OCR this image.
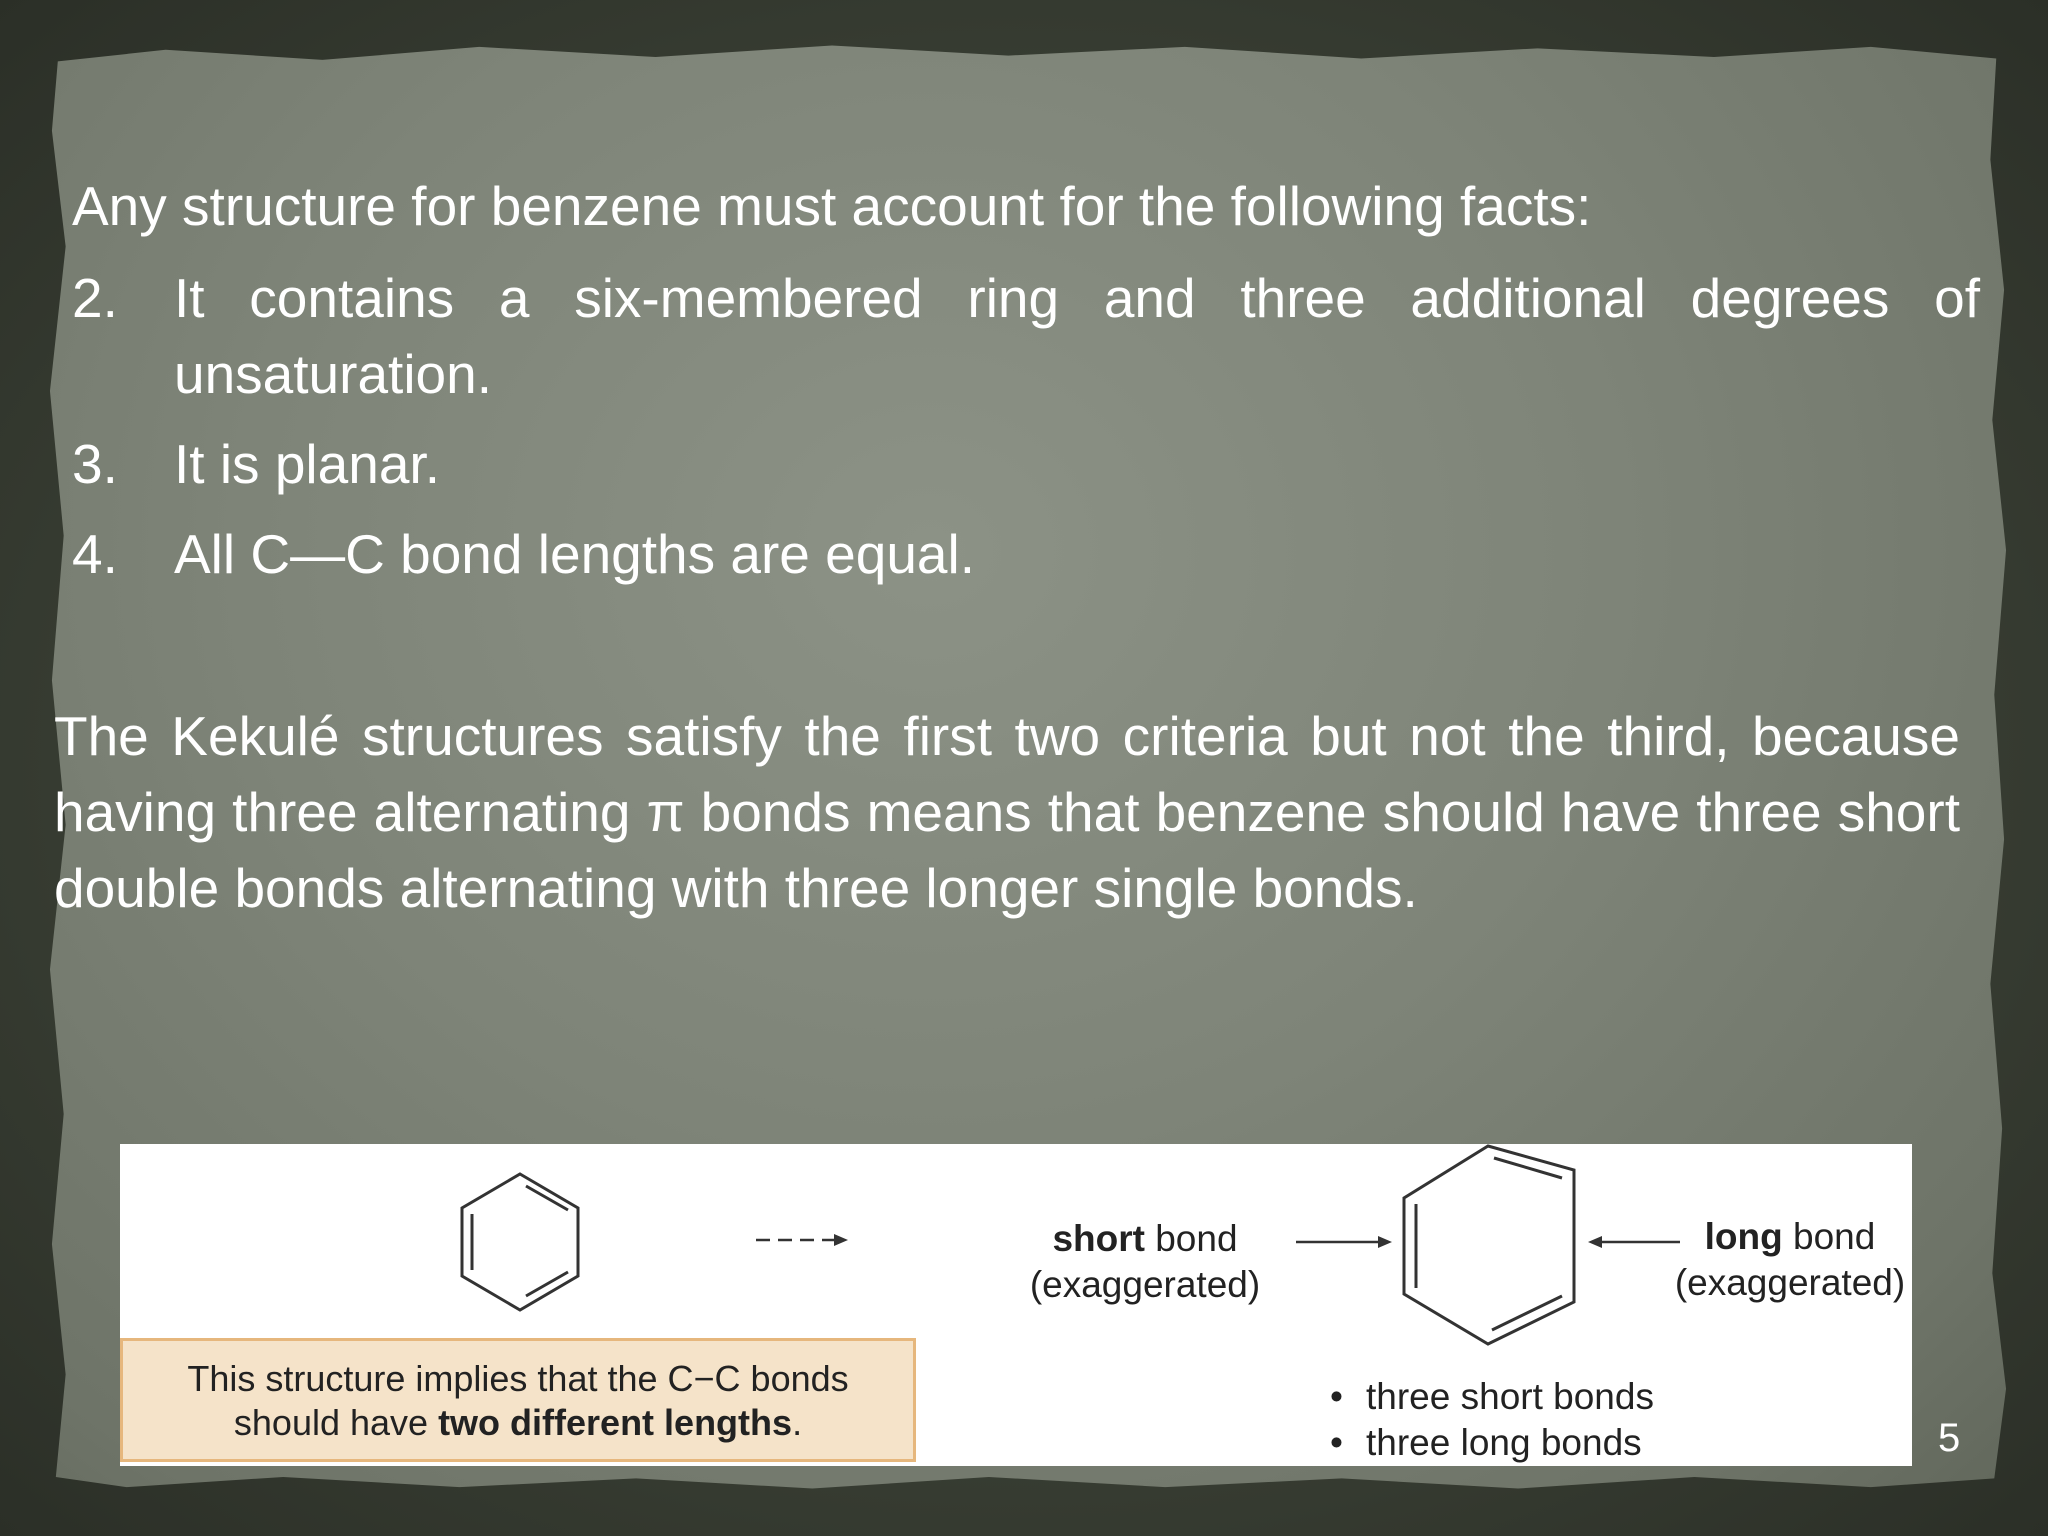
Any structure for benzene must account for the following facts:
2. It contains a six-membered ring and three additional degrees of unsaturation.
3. It is planar.
4. All C—C bond lengths are equal.
The Kekulé structures satisfy the first two criteria but not the third, because having three alternating π bonds means that benzene should have three short double bonds alternating with three longer single bonds.
short bond
(exaggerated)
long bond
(exaggerated)
This structure implies that the C−C bonds
should have two different lengths.
• three short bonds
• three long bonds	5
